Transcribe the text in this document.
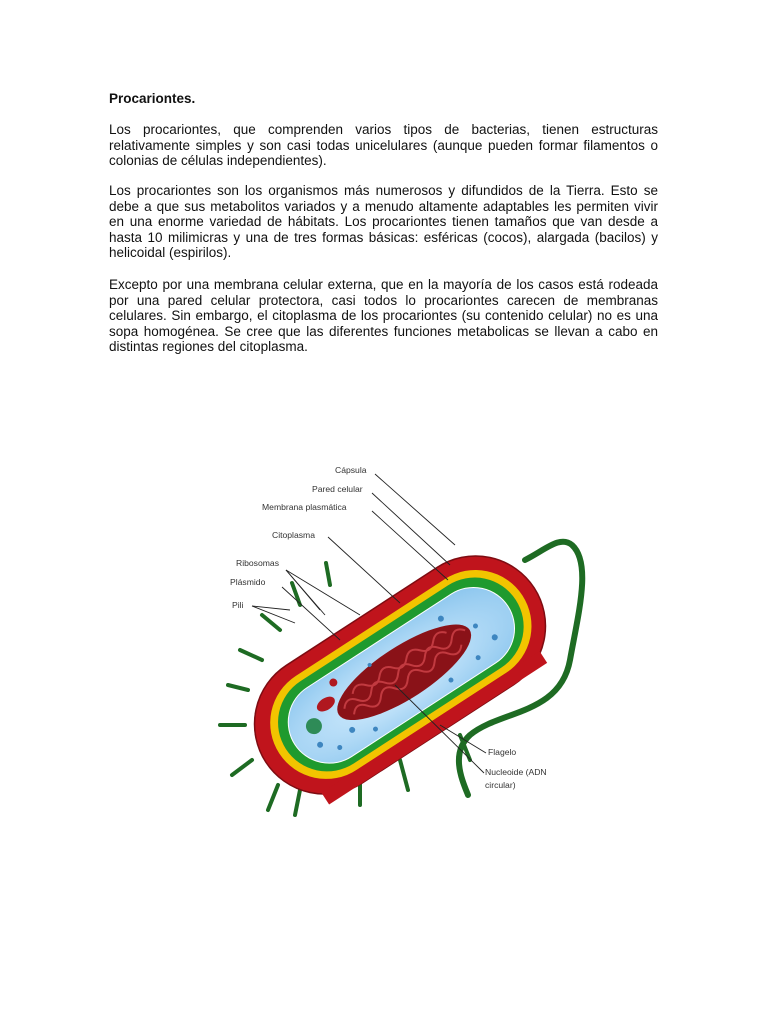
Procariontes.

Los procariontes, que comprenden varios tipos de bacterias, tienen estructuras relativamente simples y son casi todas unicelulares (aunque pueden formar filamentos o colonias de células independientes).

Los procariontes son los organismos más numerosos y difundidos de la Tierra. Esto se debe a que sus metabolitos variados y a menudo altamente adaptables les permiten vivir en una enorme variedad de hábitats. Los procariontes tienen tamaños que van desde a hasta 10 milimicras y una de tres formas básicas: esféricas (cocos), alargada (bacilos) y helicoidal (espirilos).

Excepto por una membrana celular externa, que en la mayoría de los casos está rodeada por una pared celular protectora, casi todos lo procariontes carecen de membranas celulares. Sin embargo, el citoplasma de los procariontes (su contenido celular) no es una sopa homogénea. Se cree que las diferentes funciones metabolicas se llevan a cabo en distintas regiones del citoplasma.

Cápsula
Pared celular
Membrana plasmática
Citoplasma
Ribosomas
Plásmido
Pili
Flagelo
Nucleoide (ADN
circular)
